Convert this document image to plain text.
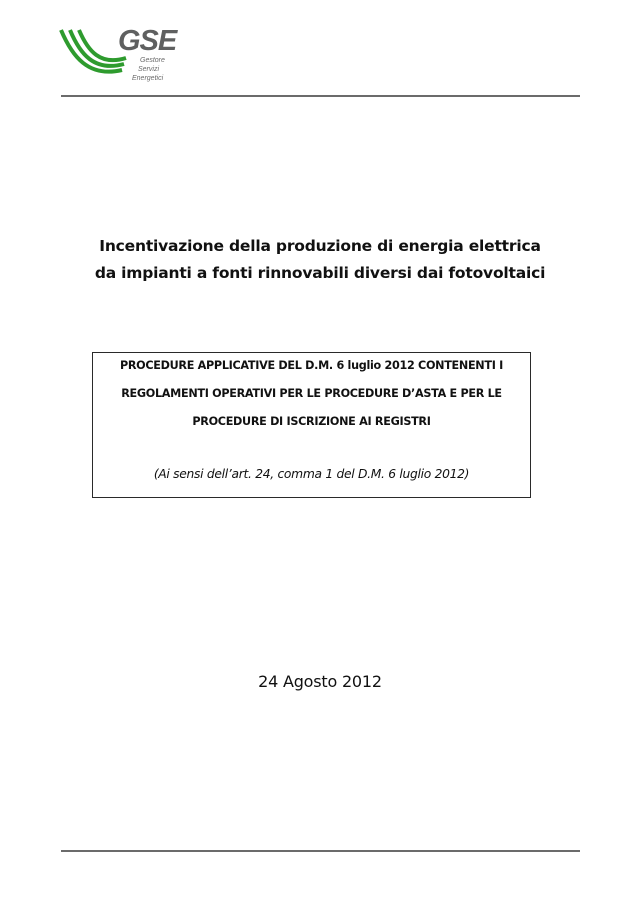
GSE
Gestore
Servizi
Energetici
Incentivazione della produzione di energia elettrica
da impianti a fonti rinnovabili diversi dai fotovoltaici
PROCEDURE APPLICATIVE DEL D.M. 6 luglio 2012 CONTENENTI I
REGOLAMENTI OPERATIVI PER LE PROCEDURE D’ASTA E PER LE
PROCEDURE DI ISCRIZIONE AI REGISTRI
(Ai sensi dell’art. 24, comma 1 del D.M. 6 luglio 2012)
24 Agosto 2012
